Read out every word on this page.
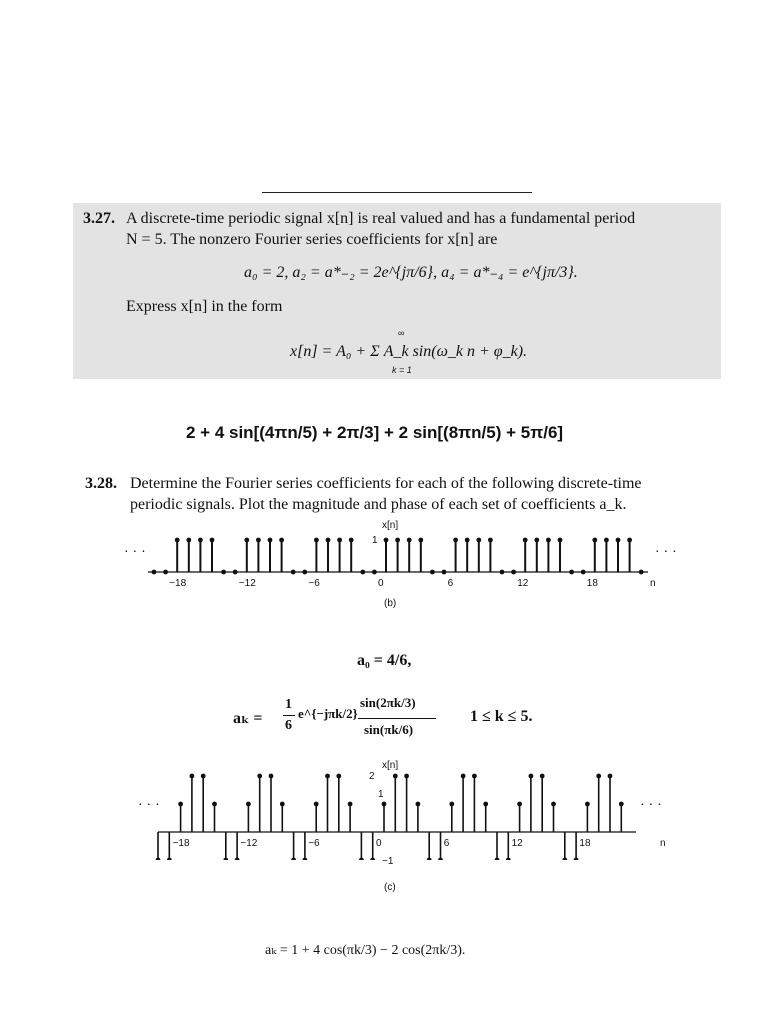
3.27. A discrete-time periodic signal x[n] is real valued and has a fundamental period
N = 5. The nonzero Fourier series coefficients for x[n] are
a₀ = 2, a₂ = a*₋₂ = 2e^{jπ/6}, a₄ = a*₋₄ = e^{jπ/3}.
Express x[n] in the form
x[n] = A₀ + Σ A_k sin(ω_k n + φ_k).
∞
k = 1
2 + 4 sin[(4πn/5) + 2π/3] + 2 sin[(8πn/5) + 5π/6]
3.28. Determine the Fourier series coefficients for each of the following discrete-time
periodic signals. Plot the magnitude and phase of each set of coefficients a_k.
x[n]
1
· · ·	· · ·
n
−18	−12	−6	0	6	12	18
(b)
a₀ = 4/6,
aₖ =
1
6
e^{−jπk/2}
sin(2πk/3)
sin(πk/6)
1 ≤ k ≤ 5.
x[n]
2
1
−1
· · ·	· · ·
n
−18	−12	−6	0	6	12	18
(c)
aₖ = 1 + 4 cos(πk/3) − 2 cos(2πk/3).
